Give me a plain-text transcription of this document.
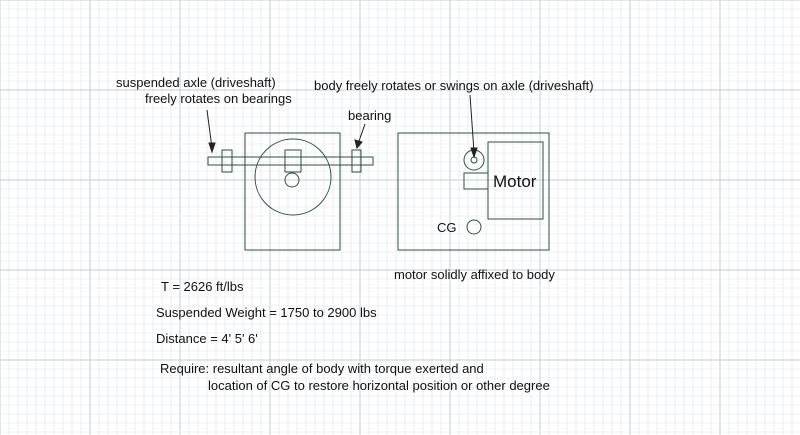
suspended axle (driveshaft)
freely rotates on bearings
bearing
body freely rotates or swings on axle (driveshaft)
Motor
CG
motor solidly affixed to body
T = 2626 ft/lbs
Suspended Weight = 1750 to 2900 lbs
Distance = 4' 5' 6'
Require: resultant angle of body with torque exerted and
location of CG to restore horizontal position or other degree
